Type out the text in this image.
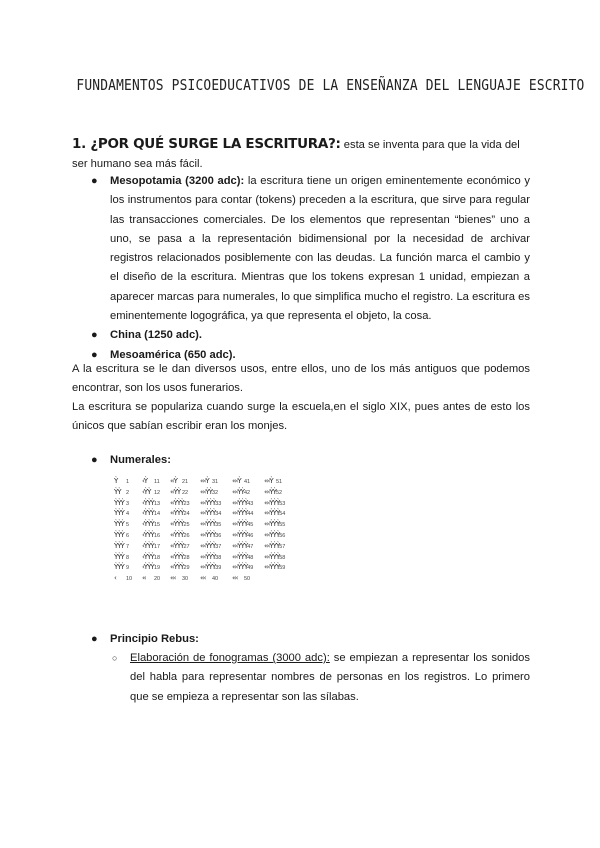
FUNDAMENTOS PSICOEDUCATIVOS DE LA ENSEÑANZA DEL LENGUAJE ESCRITO
1. ¿POR QUÉ SURGE LA ESCRITURA?: esta se inventa para que la vida del ser humano sea más fácil.
● Mesopotamia (3200 adc): la escritura tiene un origen eminentemente económico y los instrumentos para contar (tokens) preceden a la escritura, que sirve para regular las transacciones comerciales. De los elementos que representan “bienes” uno a uno, se pasa a la representación bidimensional por la necesidad de archivar registros relacionados posiblemente con las deudas. La función marca el cambio y el diseño de la escritura. Mientras que los tokens expresan 1 unidad, empiezan a aparecer marcas para numerales, lo que simplifica mucho el registro. La escritura es eminentemente logográfica, ya que representa el objeto, la cosa.
● China (1250 adc).
● Mesoamérica (650 adc).
A la escritura se le dan diversos usos, entre ellos, uno de los más antiguos que podemos encontrar, son los usos funerarios.
La escritura se populariza cuando surge la escuela,en el siglo XIX, pues antes de esto los únicos que sabían escribir eran los monjes.
● Numerales:
Ỳ 1
ỲỲ 2
ỲỲỲ 3
ỲỲỲ 4
ỲỲỲ 5
ỲỲỲ 6
ỲỲỲ 7
ỲỲỲ 8
ỲỲỲ 9
‹ 10
‹Ỳ 11
‹ỲỲ 12
‹ỲỲỲ13
‹ỲỲỲ14
‹ỲỲỲ15
‹ỲỲỲ16
‹ỲỲỲ17
‹ỲỲỲ18
‹ỲỲỲ19
‹‹ 20
‹‹Ỳ 21
‹‹ỲỲ 22
‹‹ỲỲỲ23
‹‹ỲỲỲ24
‹‹ỲỲỲ25
‹‹ỲỲỲ26
‹‹ỲỲỲ27
‹‹ỲỲỲ28
‹‹ỲỲỲ29
‹‹‹ 30
‹‹‹Ỳ 31
‹‹‹ỲỲ32
‹‹‹ỲỲỲ33
‹‹‹ỲỲỲ34
‹‹‹ỲỲỲ35
‹‹‹ỲỲỲ36
‹‹‹ỲỲỲ37
‹‹‹ỲỲỲ38
‹‹‹ỲỲỲ39
‹‹‹ 40
‹‹‹Ỳ 41
‹‹‹ỲỲ42
‹‹‹ỲỲỲ43
‹‹‹ỲỲỲ44
‹‹‹ỲỲỲ45
‹‹‹ỲỲỲ46
‹‹‹ỲỲỲ47
‹‹‹ỲỲỲ48
‹‹‹ỲỲỲ49
‹‹‹ 50
‹‹‹Ỳ 51
‹‹‹ỲỲ52
‹‹‹ỲỲỲ53
‹‹‹ỲỲỲ54
‹‹‹ỲỲỲ55
‹‹‹ỲỲỲ56
‹‹‹ỲỲỲ57
‹‹‹ỲỲỲ58
‹‹‹ỲỲỲ59
● Principio Rebus:
○ Elaboración de fonogramas (3000 adc): se empiezan a representar los sonidos del habla para representar nombres de personas en los registros. Lo primero que se empieza a representar son las sílabas.
